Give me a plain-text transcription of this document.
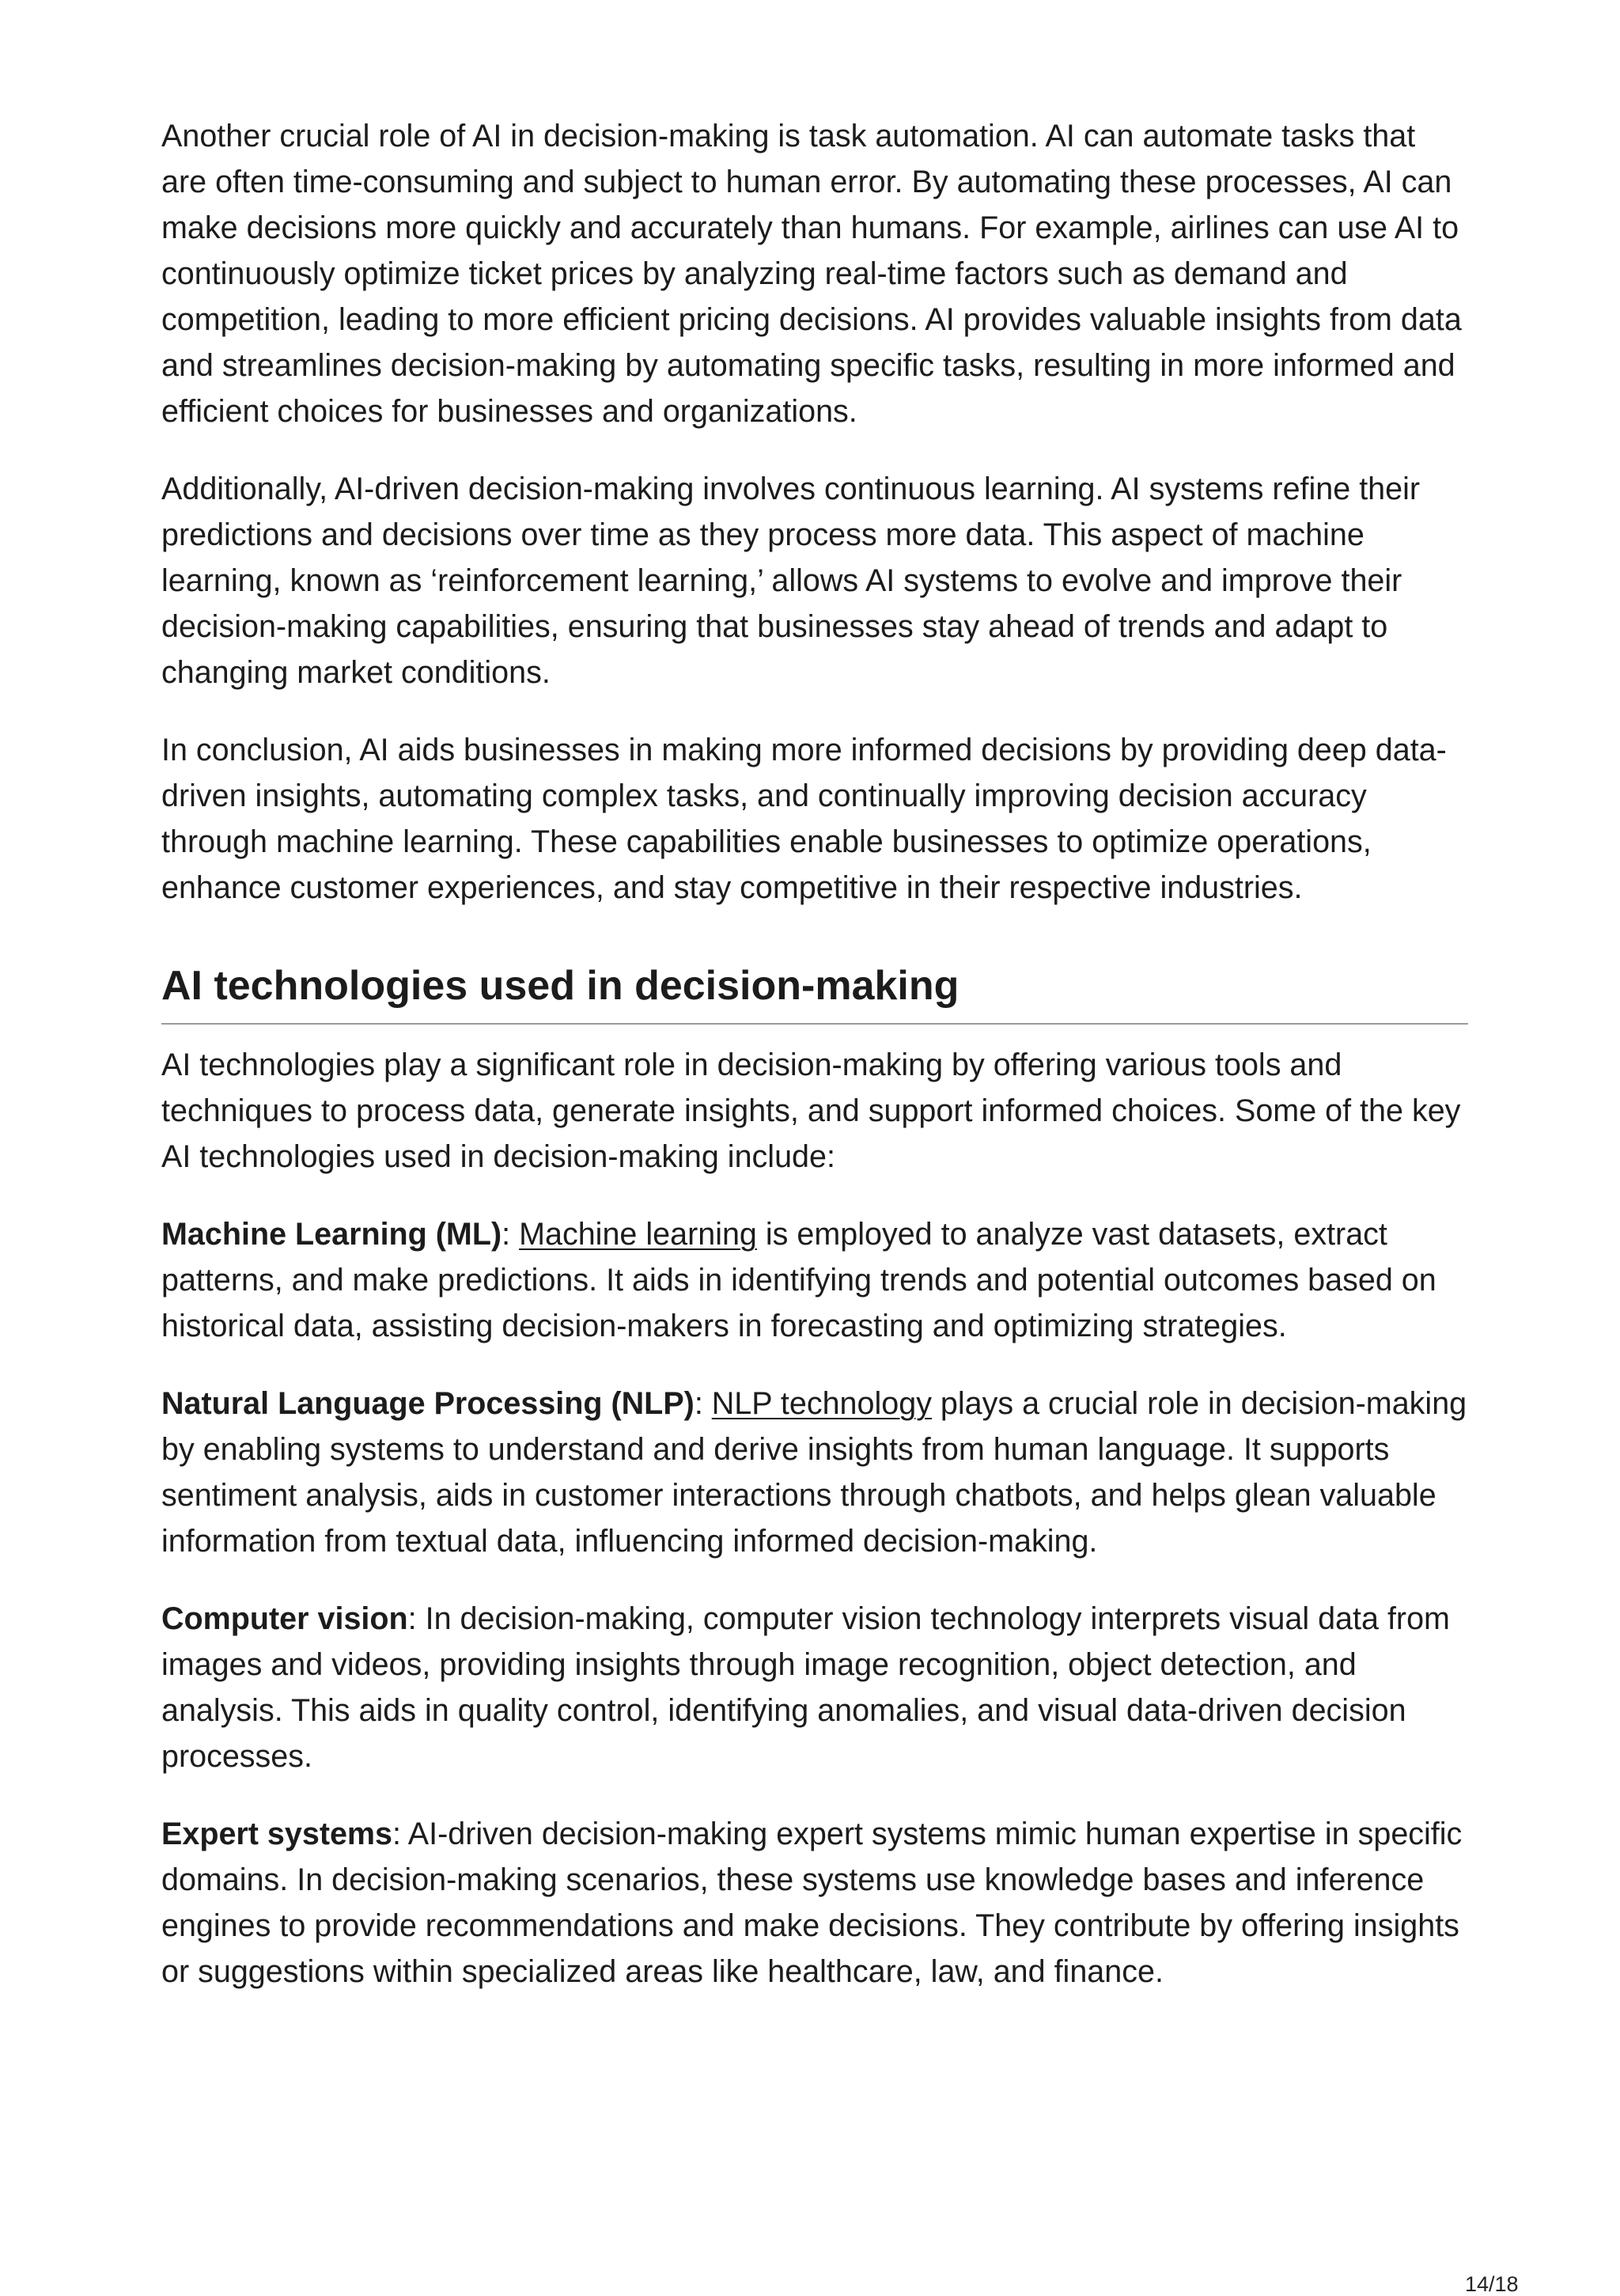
Another crucial role of AI in decision-making is task automation. AI can automate tasks that are often time-consuming and subject to human error. By automating these processes, AI can make decisions more quickly and accurately than humans. For example, airlines can use AI to continuously optimize ticket prices by analyzing real-time factors such as demand and competition, leading to more efficient pricing decisions. AI provides valuable insights from data and streamlines decision-making by automating specific tasks, resulting in more informed and efficient choices for businesses and organizations.

Additionally, AI-driven decision-making involves continuous learning. AI systems refine their predictions and decisions over time as they process more data. This aspect of machine learning, known as ‘reinforcement learning,’ allows AI systems to evolve and improve their decision-making capabilities, ensuring that businesses stay ahead of trends and adapt to changing market conditions.

In conclusion, AI aids businesses in making more informed decisions by providing deep data-driven insights, automating complex tasks, and continually improving decision accuracy through machine learning. These capabilities enable businesses to optimize operations, enhance customer experiences, and stay competitive in their respective industries.

AI technologies used in decision-making

AI technologies play a significant role in decision-making by offering various tools and techniques to process data, generate insights, and support informed choices. Some of the key AI technologies used in decision-making include:

Machine Learning (ML): Machine learning is employed to analyze vast datasets, extract patterns, and make predictions. It aids in identifying trends and potential outcomes based on historical data, assisting decision-makers in forecasting and optimizing strategies.

Natural Language Processing (NLP): NLP technology plays a crucial role in decision-making by enabling systems to understand and derive insights from human language. It supports sentiment analysis, aids in customer interactions through chatbots, and helps glean valuable information from textual data, influencing informed decision-making.

Computer vision: In decision-making, computer vision technology interprets visual data from images and videos, providing insights through image recognition, object detection, and analysis. This aids in quality control, identifying anomalies, and visual data-driven decision processes.

Expert systems: AI-driven decision-making expert systems mimic human expertise in specific domains. In decision-making scenarios, these systems use knowledge bases and inference engines to provide recommendations and make decisions. They contribute by offering insights or suggestions within specialized areas like healthcare, law, and finance.

14/18
